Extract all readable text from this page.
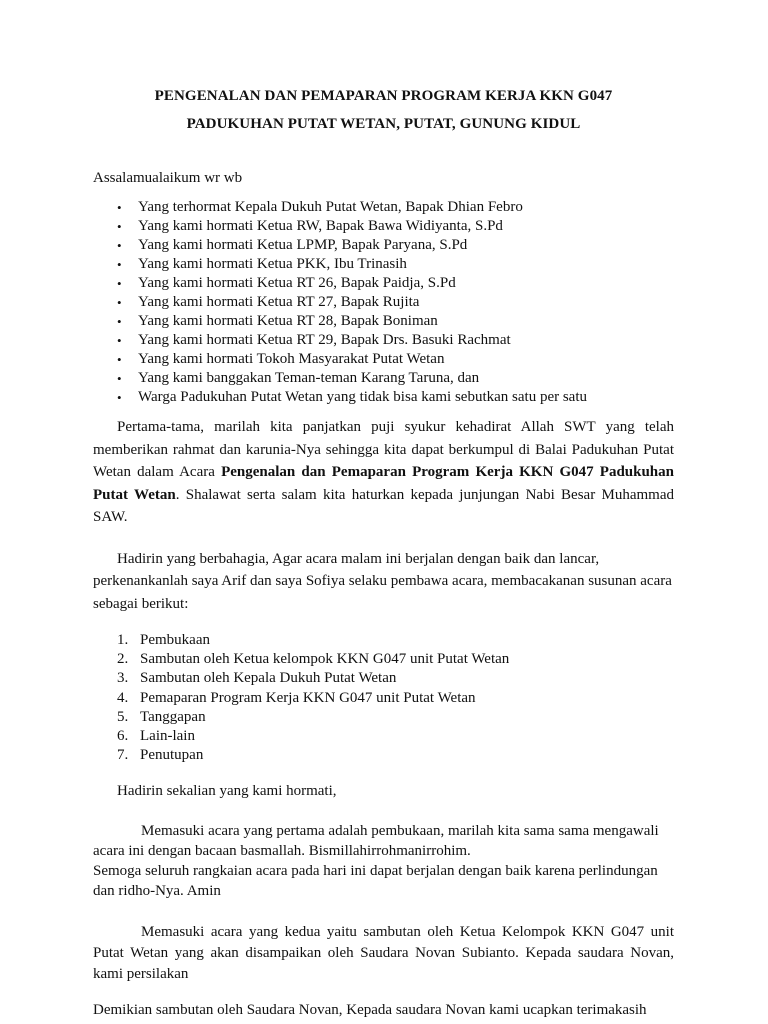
PENGENALAN DAN PEMAPARAN PROGRAM KERJA KKN G047
PADUKUHAN PUTAT WETAN, PUTAT, GUNUNG KIDUL

Assalamualaikum wr wb

• Yang terhormat Kepala Dukuh Putat Wetan, Bapak Dhian Febro
• Yang kami hormati Ketua RW, Bapak Bawa Widiyanta, S.Pd
• Yang kami hormati Ketua LPMP, Bapak Paryana, S.Pd
• Yang kami hormati Ketua PKK, Ibu Trinasih
• Yang kami hormati Ketua RT 26, Bapak Paidja, S.Pd
• Yang kami hormati Ketua RT 27, Bapak Rujita
• Yang kami hormati Ketua RT 28, Bapak Boniman
• Yang kami hormati Ketua RT 29, Bapak Drs. Basuki Rachmat
• Yang kami hormati Tokoh Masyarakat Putat Wetan
• Yang kami banggakan Teman-teman Karang Taruna, dan
• Warga Padukuhan Putat Wetan yang tidak bisa kami sebutkan satu per satu

Pertama-tama, marilah kita panjatkan puji syukur kehadirat Allah SWT yang telah memberikan rahmat dan karunia-Nya sehingga kita dapat berkumpul di Balai Padukuhan Putat Wetan dalam Acara Pengenalan dan Pemaparan Program Kerja KKN G047 Padukuhan Putat Wetan. Shalawat serta salam kita haturkan kepada junjungan Nabi Besar Muhammad SAW.

Hadirin yang berbahagia, Agar acara malam ini berjalan dengan baik dan lancar, perkenankanlah saya Arif dan saya Sofiya selaku pembawa acara, membacakanan susunan acara sebagai berikut:

1. Pembukaan
2. Sambutan oleh Ketua kelompok KKN G047 unit Putat Wetan
3. Sambutan oleh Kepala Dukuh Putat Wetan
4. Pemaparan Program Kerja KKN G047 unit Putat Wetan
5. Tanggapan
6. Lain-lain
7. Penutupan

Hadirin sekalian yang kami hormati,

Memasuki acara yang pertama adalah pembukaan, marilah kita sama sama mengawali acara ini dengan bacaan basmallah. Bismillahirrohmanirrohim.

Semoga seluruh rangkaian acara pada hari ini dapat berjalan dengan baik karena perlindungan dan ridho-Nya. Amin

Memasuki acara yang kedua yaitu sambutan oleh Ketua Kelompok KKN G047 unit Putat Wetan yang akan disampaikan oleh Saudara Novan Subianto. Kepada saudara Novan, kami persilakan

Demikian sambutan oleh Saudara Novan, Kepada saudara Novan kami ucapkan terimakasih
